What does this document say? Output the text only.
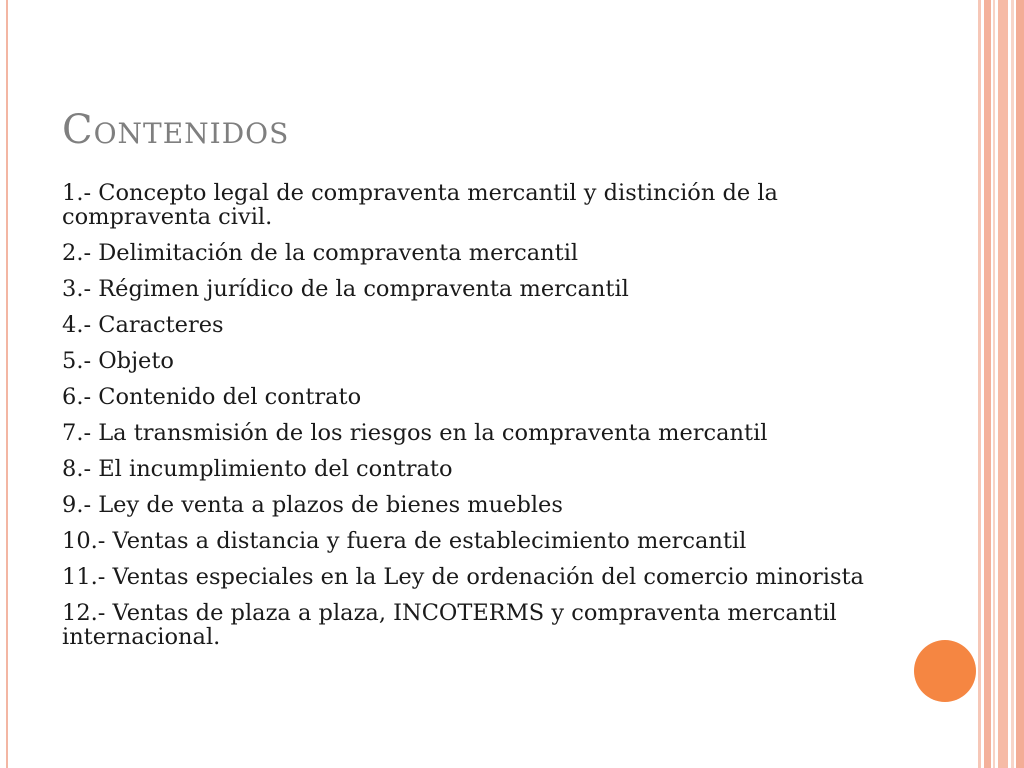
Contenidos
1.- Concepto legal de compraventa mercantil y distinción de la compraventa civil.
2.- Delimitación de la compraventa mercantil
3.- Régimen jurídico de la compraventa mercantil
4.- Caracteres
5.- Objeto
6.- Contenido del contrato
7.- La transmisión de los riesgos en la compraventa mercantil
8.- El incumplimiento del contrato
9.- Ley de venta a plazos de bienes muebles
10.- Ventas a distancia y fuera de establecimiento mercantil
11.- Ventas especiales en la Ley de ordenación del comercio minorista
12.- Ventas de plaza a plaza, INCOTERMS y compraventa mercantil internacional.
